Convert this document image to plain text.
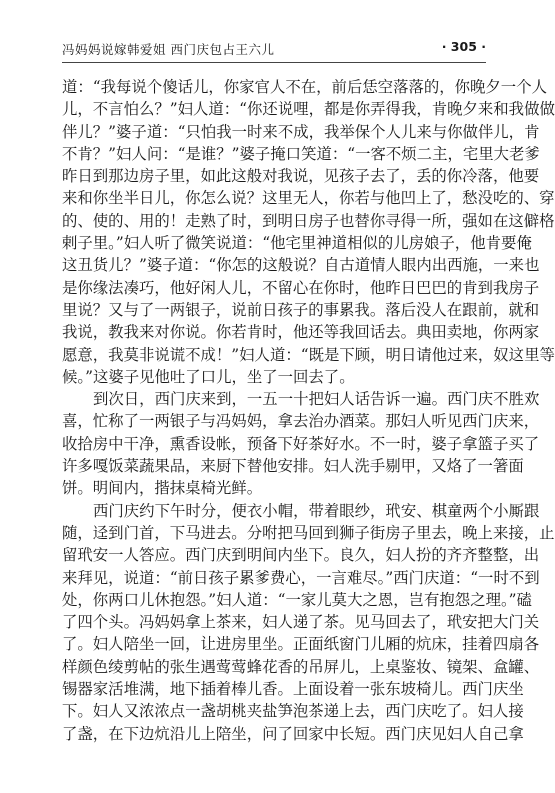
冯妈妈说嫁韩爱姐 西门庆包占王六儿	· 305 ·
道：“我每说个傻话儿，你家官人不在，前后恁空落落的，你晚夕一个人
儿，不言怕么？”妇人道：“你还说哩，都是你弄得我，肯晚夕来和我做做
伴儿？”婆子道：“只怕我一时来不成，我举保个人儿来与你做伴儿，肯
不肯？”妇人问：“是谁？”婆子掩口笑道：“一客不烦二主，宅里大老爹
昨日到那边房子里，如此这般对我说，见孩子去了，丢的你冷落，他要
来和你坐半日儿，你怎么说？这里无人，你若与他凹上了，愁没吃的、穿
的、使的、用的！走熟了时，到明日房子也替你寻得一所，强如在这僻格
剌子里。”妇人听了微笑说道：“他宅里神道相似的儿房娘子，他肯要俺
这丑货儿？”婆子道：“你怎的这般说？自古道情人眼内出西施，一来也
是你缘法凑巧，他好闲人儿，不留心在你时，他昨日巴巴的肯到我房子
里说？又与了一两银子，说前日孩子的事累我。落后没人在跟前，就和
我说，教我来对你说。你若肯时，他还等我回话去。典田卖地，你两家
愿意，我莫非说谎不成！”妇人道：“既是下顾，明日请他过来，奴这里等
候。”这婆子见他吐了口儿，坐了一回去了。
到次日，西门庆来到，一五一十把妇人话告诉一遍。西门庆不胜欢
喜，忙称了一两银子与冯妈妈，拿去治办酒菜。那妇人听见西门庆来，
收拾房中干净，熏香设帐，预备下好茶好水。不一时，婆子拿篮子买了
许多嘎饭菜蔬果品，来厨下替他安排。妇人洗手剔甲，又烙了一箸面
饼。明间内，揩抹桌椅光鲜。
西门庆约下午时分，便衣小帽，带着眼纱，玳安、棋童两个小厮跟
随，迳到门首，下马进去。分咐把马回到狮子街房子里去，晚上来接，止
留玳安一人答应。西门庆到明间内坐下。良久，妇人扮的齐齐整整，出
来拜见，说道：“前日孩子累爹费心，一言难尽。”西门庆道：“一时不到
处，你两口儿休抱怨。”妇人道：“一家儿莫大之恩，岂有抱怨之理。”磕
了四个头。冯妈妈拿上茶来，妇人递了茶。见马回去了，玳安把大门关
了。妇人陪坐一回，让进房里坐。正面纸窗门儿厢的炕床，挂着四扇各
样颜色绫剪帖的张生遇莺莺蜂花香的吊屏儿，上桌鉴妆、镜架、盒罐、
锡器家活堆满，地下插着棒儿香。上面设着一张东坡椅儿。西门庆坐
下。妇人又浓浓点一盏胡桃夹盐笋泡茶递上去，西门庆吃了。妇人接
了盏，在下边炕沿儿上陪坐，问了回家中长短。西门庆见妇人自己拿
